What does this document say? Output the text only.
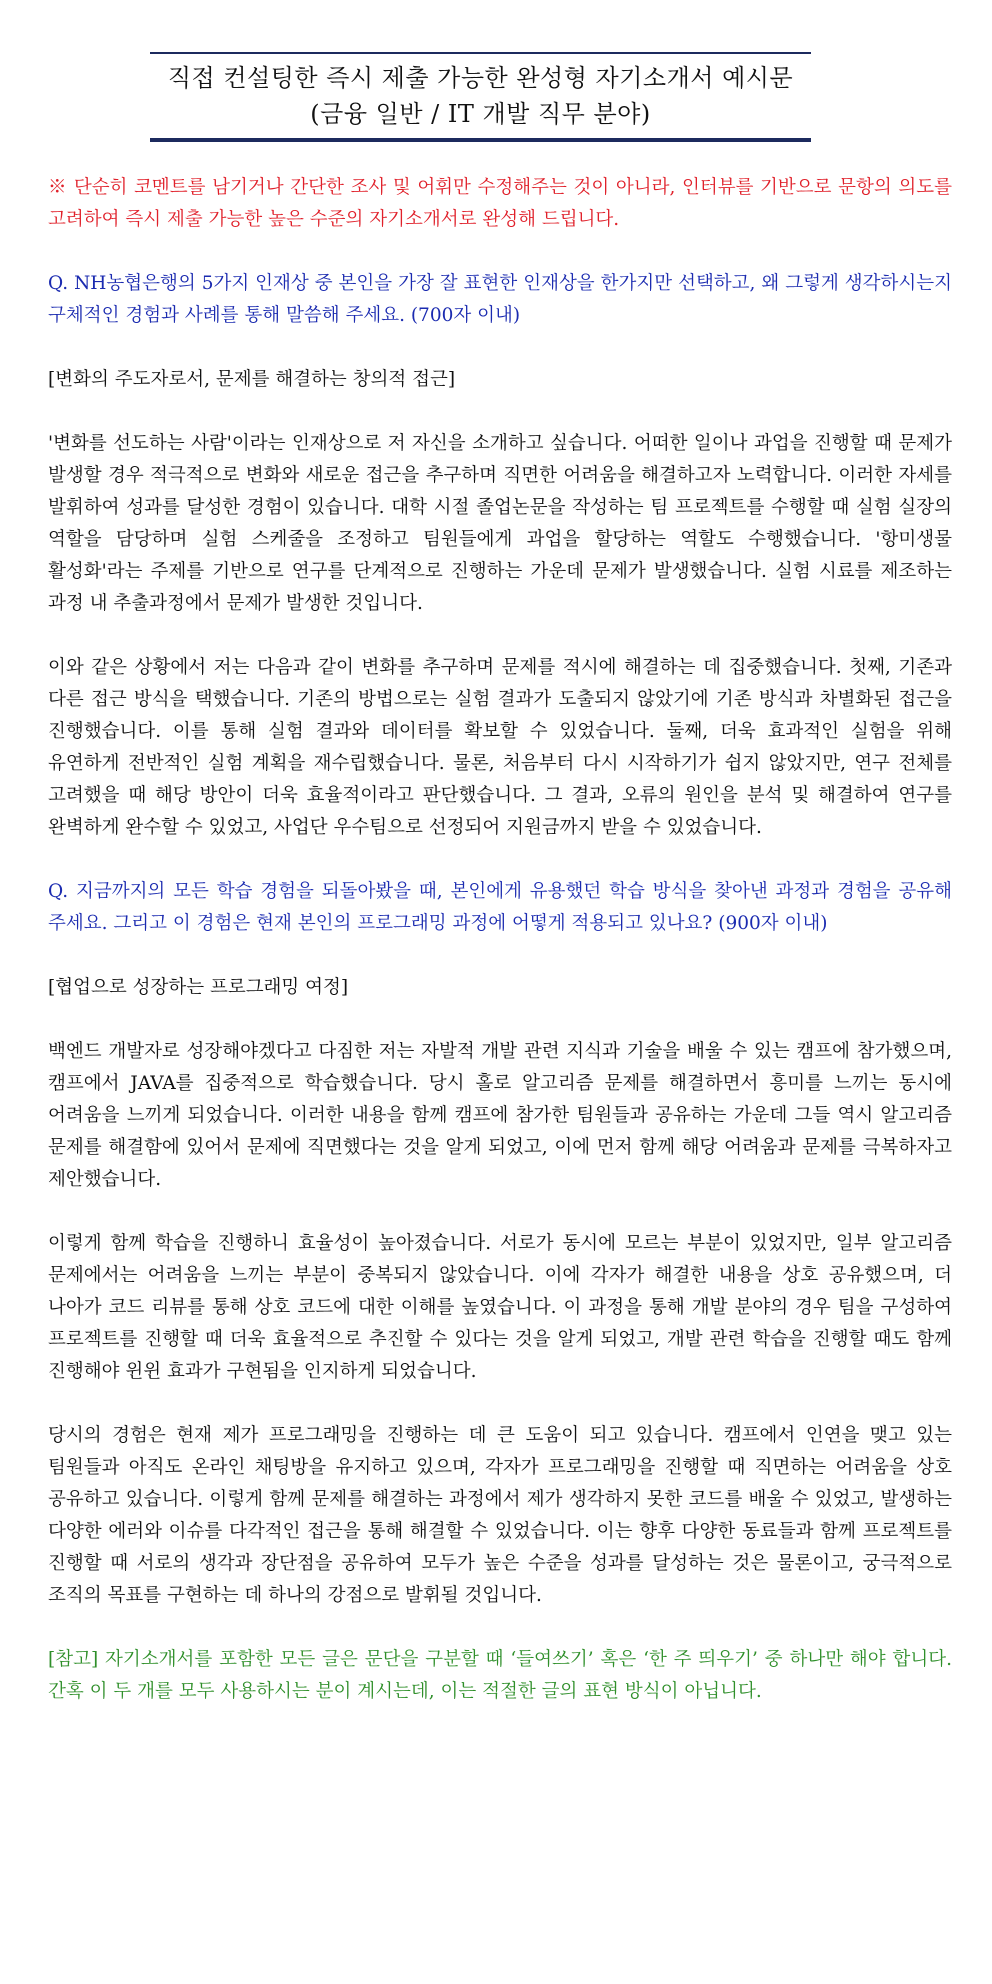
직접 컨설팅한 즉시 제출 가능한 완성형 자기소개서 예시문
(금융 일반 / IT 개발 직무 분야)

※ 단순히 코멘트를 남기거나 간단한 조사 및 어휘만 수정해주는 것이 아니라, 인터뷰를 기반으로 문항의 의도를 고려하여 즉시 제출 가능한 높은 수준의 자기소개서로 완성해 드립니다.

Q. NH농협은행의 5가지 인재상 중 본인을 가장 잘 표현한 인재상을 한가지만 선택하고, 왜 그렇게 생각하시는지 구체적인 경험과 사례를 통해 말씀해 주세요. (700자 이내)

[변화의 주도자로서, 문제를 해결하는 창의적 접근]

'변화를 선도하는 사람'이라는 인재상으로 저 자신을 소개하고 싶습니다. 어떠한 일이나 과업을 진행할 때 문제가 발생할 경우 적극적으로 변화와 새로운 접근을 추구하며 직면한 어려움을 해결하고자 노력합니다. 이러한 자세를 발휘하여 성과를 달성한 경험이 있습니다. 대학 시절 졸업논문을 작성하는 팀 프로젝트를 수행할 때 실험 실장의 역할을 담당하며 실험 스케줄을 조정하고 팀원들에게 과업을 할당하는 역할도 수행했습니다. '항미생물 활성화'라는 주제를 기반으로 연구를 단계적으로 진행하는 가운데 문제가 발생했습니다. 실험 시료를 제조하는 과정 내 추출과정에서 문제가 발생한 것입니다.

이와 같은 상황에서 저는 다음과 같이 변화를 추구하며 문제를 적시에 해결하는 데 집중했습니다. 첫째, 기존과 다른 접근 방식을 택했습니다. 기존의 방법으로는 실험 결과가 도출되지 않았기에 기존 방식과 차별화된 접근을 진행했습니다. 이를 통해 실험 결과와 데이터를 확보할 수 있었습니다. 둘째, 더욱 효과적인 실험을 위해 유연하게 전반적인 실험 계획을 재수립했습니다. 물론, 처음부터 다시 시작하기가 쉽지 않았지만, 연구 전체를 고려했을 때 해당 방안이 더욱 효율적이라고 판단했습니다. 그 결과, 오류의 원인을 분석 및 해결하여 연구를 완벽하게 완수할 수 있었고, 사업단 우수팀으로 선정되어 지원금까지 받을 수 있었습니다.

Q. 지금까지의 모든 학습 경험을 되돌아봤을 때, 본인에게 유용했던 학습 방식을 찾아낸 과정과 경험을 공유해 주세요. 그리고 이 경험은 현재 본인의 프로그래밍 과정에 어떻게 적용되고 있나요? (900자 이내)

[협업으로 성장하는 프로그래밍 여정]

백엔드 개발자로 성장해야겠다고 다짐한 저는 자발적 개발 관련 지식과 기술을 배울 수 있는 캠프에 참가했으며, 캠프에서 JAVA를 집중적으로 학습했습니다. 당시 홀로 알고리즘 문제를 해결하면서 흥미를 느끼는 동시에 어려움을 느끼게 되었습니다. 이러한 내용을 함께 캠프에 참가한 팀원들과 공유하는 가운데 그들 역시 알고리즘 문제를 해결함에 있어서 문제에 직면했다는 것을 알게 되었고, 이에 먼저 함께 해당 어려움과 문제를 극복하자고 제안했습니다.

이렇게 함께 학습을 진행하니 효율성이 높아졌습니다. 서로가 동시에 모르는 부분이 있었지만, 일부 알고리즘 문제에서는 어려움을 느끼는 부분이 중복되지 않았습니다. 이에 각자가 해결한 내용을 상호 공유했으며, 더 나아가 코드 리뷰를 통해 상호 코드에 대한 이해를 높였습니다. 이 과정을 통해 개발 분야의 경우 팀을 구성하여 프로젝트를 진행할 때 더욱 효율적으로 추진할 수 있다는 것을 알게 되었고, 개발 관련 학습을 진행할 때도 함께 진행해야 윈윈 효과가 구현됨을 인지하게 되었습니다.

당시의 경험은 현재 제가 프로그래밍을 진행하는 데 큰 도움이 되고 있습니다. 캠프에서 인연을 맺고 있는 팀원들과 아직도 온라인 채팅방을 유지하고 있으며, 각자가 프로그래밍을 진행할 때 직면하는 어려움을 상호 공유하고 있습니다. 이렇게 함께 문제를 해결하는 과정에서 제가 생각하지 못한 코드를 배울 수 있었고, 발생하는 다양한 에러와 이슈를 다각적인 접근을 통해 해결할 수 있었습니다. 이는 향후 다양한 동료들과 함께 프로젝트를 진행할 때 서로의 생각과 장단점을 공유하여 모두가 높은 수준을 성과를 달성하는 것은 물론이고, 궁극적으로 조직의 목표를 구현하는 데 하나의 강점으로 발휘될 것입니다.

[참고] 자기소개서를 포함한 모든 글은 문단을 구분할 때 ‘들여쓰기’ 혹은 ‘한 주 띄우기’ 중 하나만 해야 합니다. 간혹 이 두 개를 모두 사용하시는 분이 계시는데, 이는 적절한 글의 표현 방식이 아닙니다.
